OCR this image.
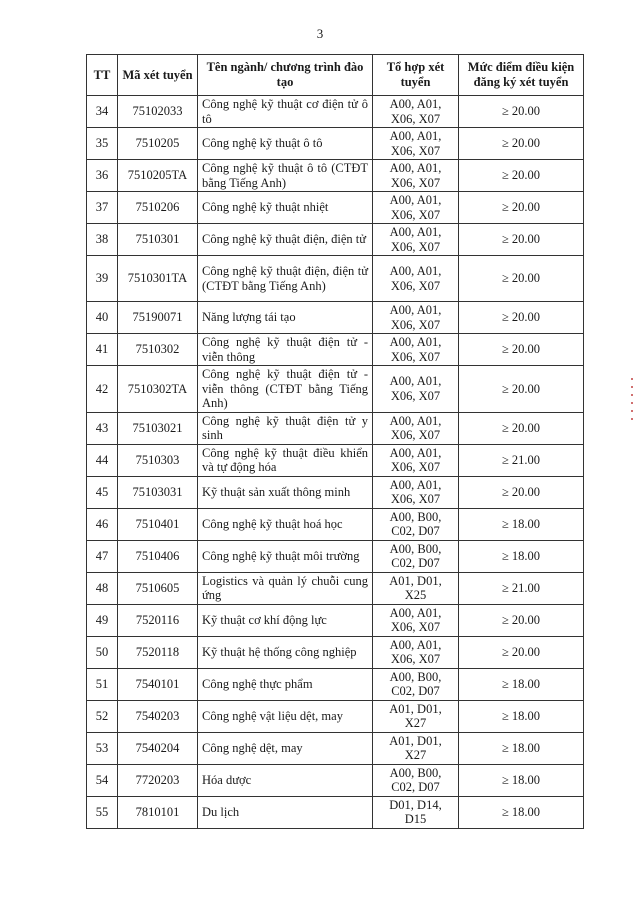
3
TT	Mã xét tuyển	Tên ngành/ chương trình đào tạo	Tổ hợp xét tuyển	Mức điểm điều kiện đăng ký xét tuyển
34	75102033	Công nghệ kỹ thuật cơ điện tử ô tô	A00, A01, X06, X07	≥ 20.00
35	7510205	Công nghệ kỹ thuật ô tô	A00, A01, X06, X07	≥ 20.00
36	7510205TA	Công nghệ kỹ thuật ô tô (CTĐT bằng Tiếng Anh)	A00, A01, X06, X07	≥ 20.00
37	7510206	Công nghệ kỹ thuật nhiệt	A00, A01, X06, X07	≥ 20.00
38	7510301	Công nghệ kỹ thuật điện, điện tử	A00, A01, X06, X07	≥ 20.00
39	7510301TA	Công nghệ kỹ thuật điện, điện tử (CTĐT bằng Tiếng Anh)	A00, A01, X06, X07	≥ 20.00
40	75190071	Năng lượng tái tạo	A00, A01, X06, X07	≥ 20.00
41	7510302	Công nghệ kỹ thuật điện tử - viễn thông	A00, A01, X06, X07	≥ 20.00
42	7510302TA	Công nghệ kỹ thuật điện tử - viễn thông (CTĐT bằng Tiếng Anh)	A00, A01, X06, X07	≥ 20.00
43	75103021	Công nghệ kỹ thuật điện tử y sinh	A00, A01, X06, X07	≥ 20.00
44	7510303	Công nghệ kỹ thuật điều khiển và tự động hóa	A00, A01, X06, X07	≥ 21.00
45	75103031	Kỹ thuật sản xuất thông minh	A00, A01, X06, X07	≥ 20.00
46	7510401	Công nghệ kỹ thuật hoá học	A00, B00, C02, D07	≥ 18.00
47	7510406	Công nghệ kỹ thuật môi trường	A00, B00, C02, D07	≥ 18.00
48	7510605	Logistics và quản lý chuỗi cung ứng	A01, D01, X25	≥ 21.00
49	7520116	Kỹ thuật cơ khí động lực	A00, A01, X06, X07	≥ 20.00
50	7520118	Kỹ thuật hệ thống công nghiệp	A00, A01, X06, X07	≥ 20.00
51	7540101	Công nghệ thực phẩm	A00, B00, C02, D07	≥ 18.00
52	7540203	Công nghệ vật liệu dệt, may	A01, D01, X27	≥ 18.00
53	7540204	Công nghệ dệt, may	A01, D01, X27	≥ 18.00
54	7720203	Hóa dược	A00, B00, C02, D07	≥ 18.00
55	7810101	Du lịch	D01, D14, D15	≥ 18.00
